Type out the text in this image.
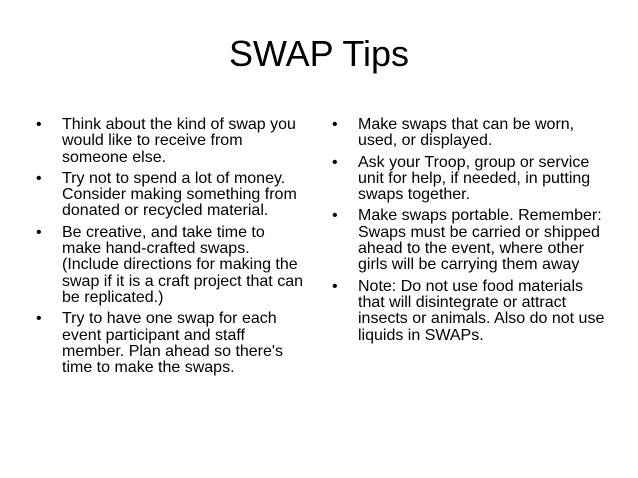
SWAP Tips
• Think about the kind of swap you would like to receive from someone else.
• Try not to spend a lot of money. Consider making something from donated or recycled material.
• Be creative, and take time to make hand-crafted swaps. (Include directions for making the swap if it is a craft project that can be replicated.)
• Try to have one swap for each event participant and staff member. Plan ahead so there's time to make the swaps.
• Make swaps that can be worn, used, or displayed.
• Ask your Troop, group or service unit for help, if needed, in putting swaps together.
• Make swaps portable. Remember: Swaps must be carried or shipped ahead to the event, where other girls will be carrying them away
• Note: Do not use food materials that will disintegrate or attract insects or animals. Also do not use liquids in SWAPs.
